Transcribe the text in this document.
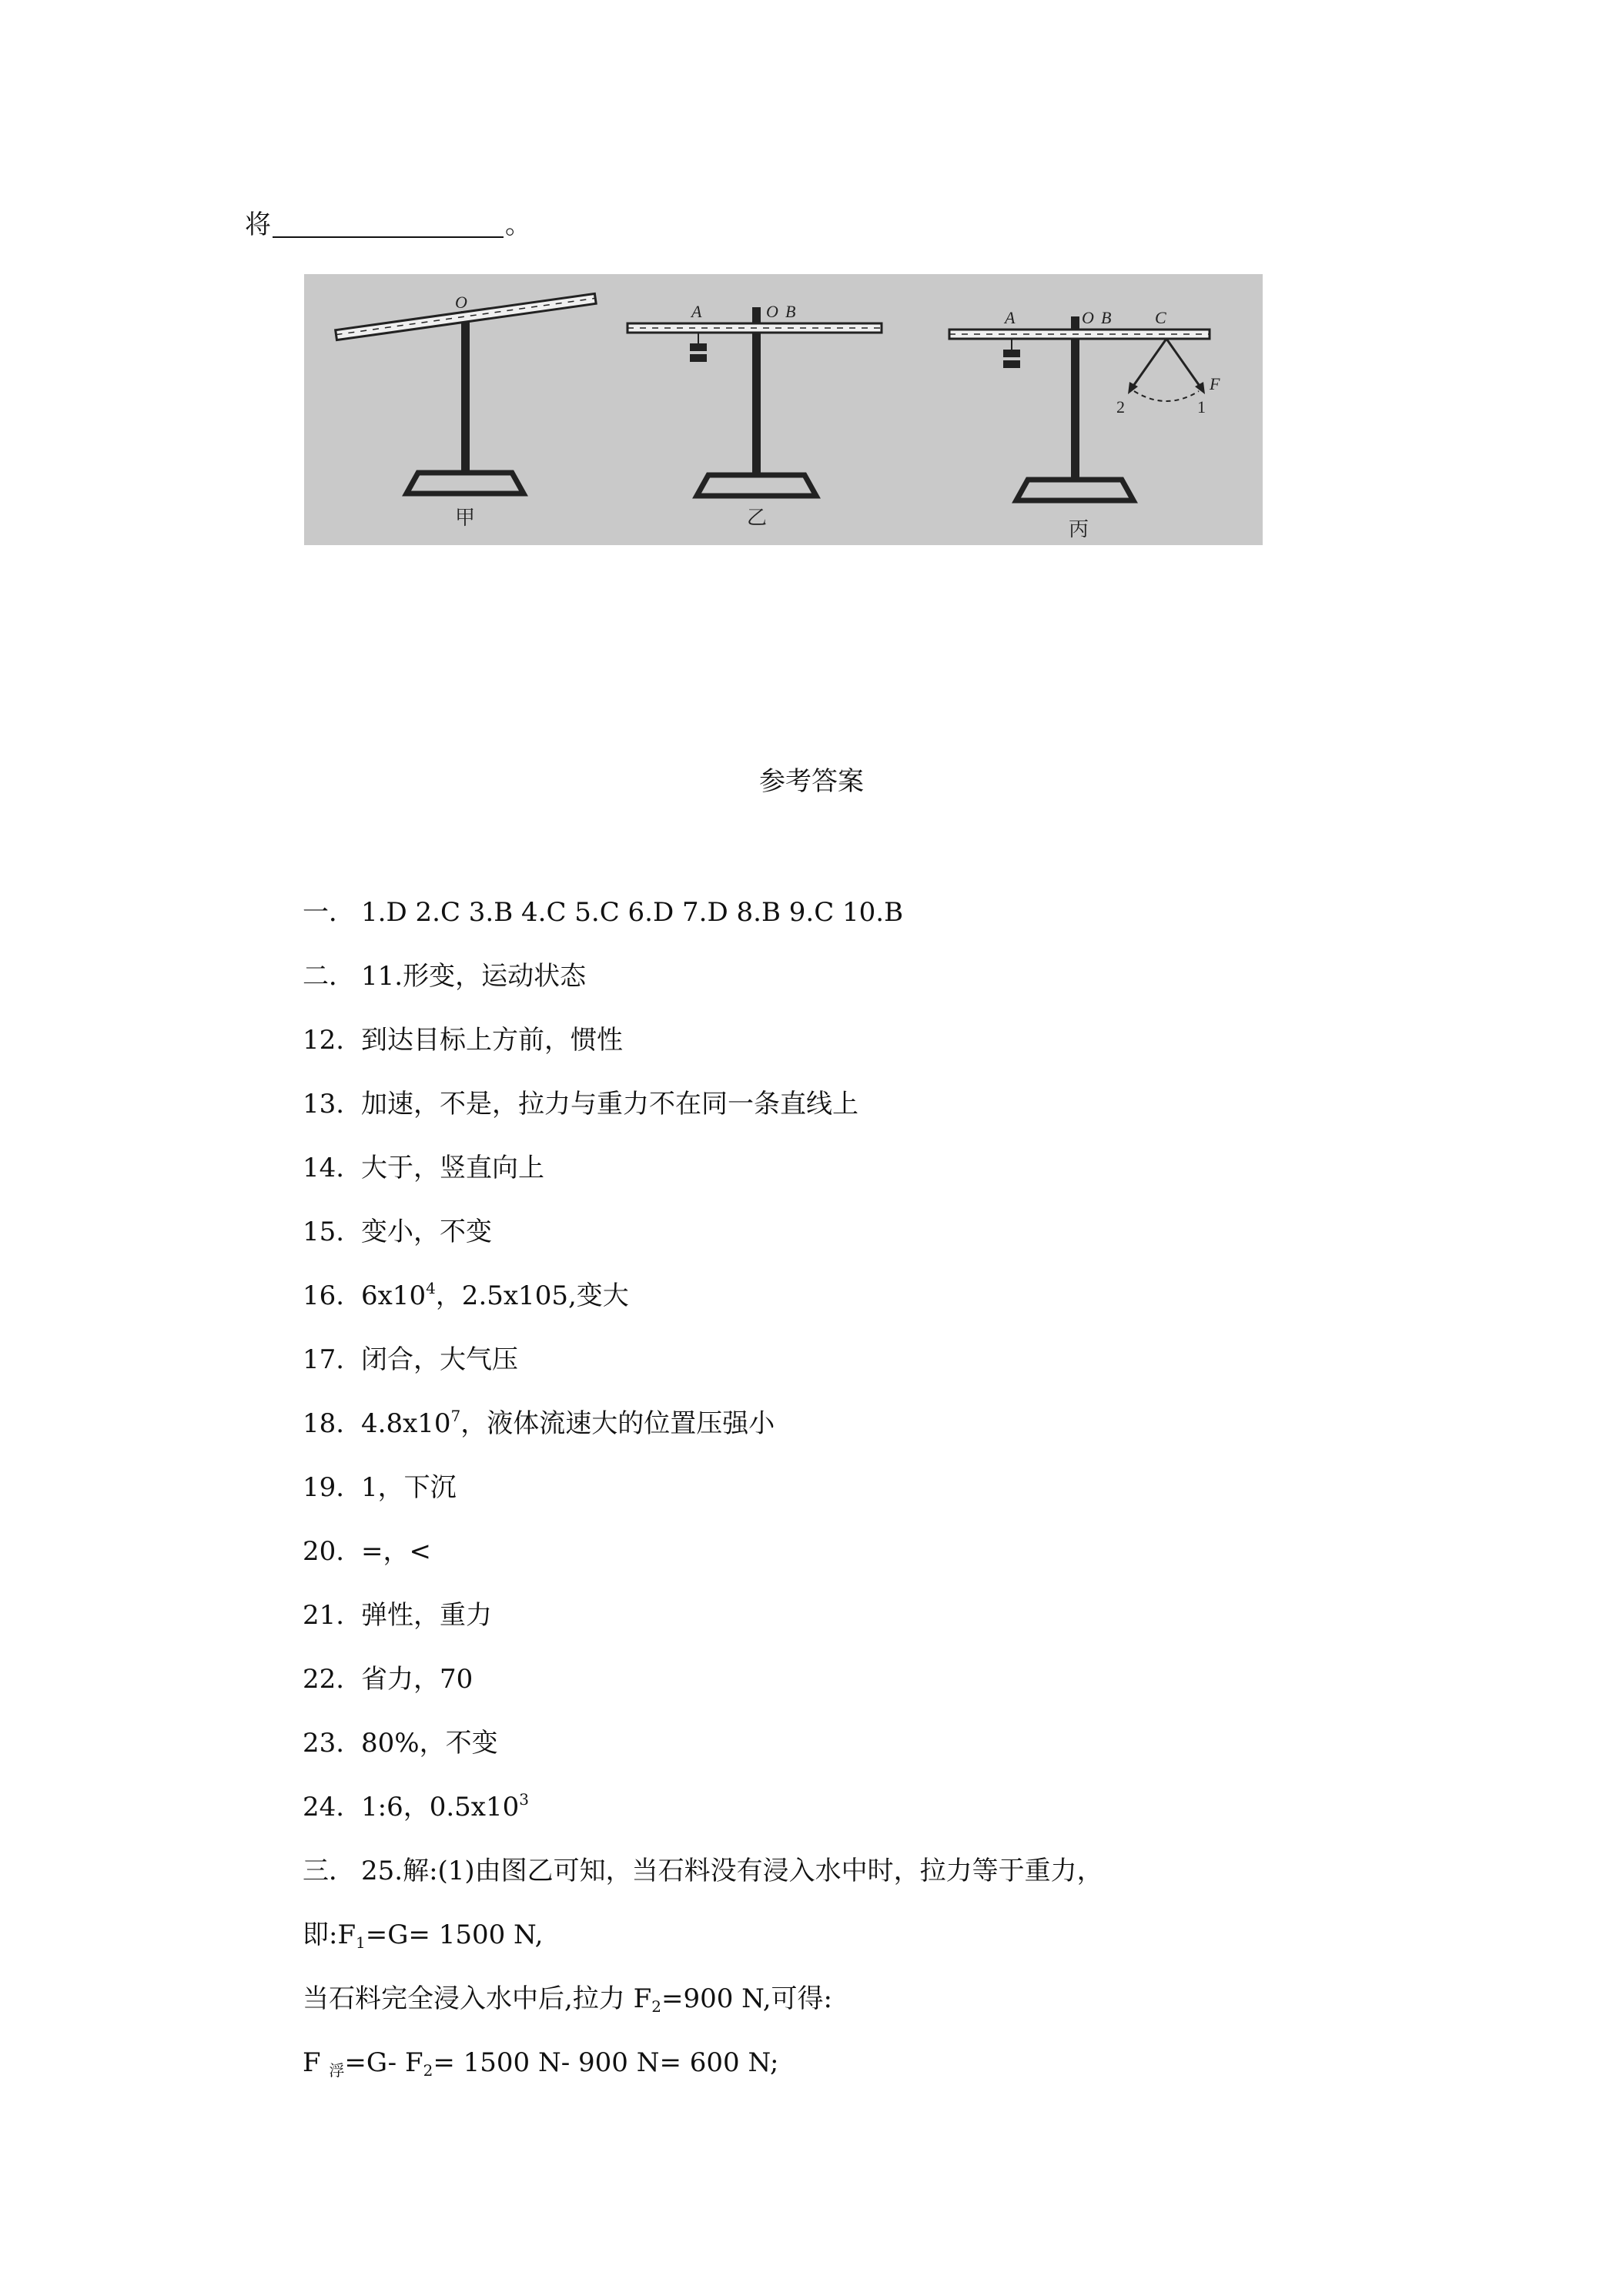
将	。
O
甲
A	O B
乙
A	O B	C
2	1
F
丙
参考答案
一． 1.D 2.C 3.B 4.C 5.C 6.D 7.D 8.B 9.C 10.B
二． 11.形变，运动状态
12. 到达目标上方前，惯性
13. 加速，不是，拉力与重力不在同一条直线上
14. 大于，竖直向上
15. 变小，不变
16. $6x10^4$，2.5x105,变大
17. 闭合，大气压
18. $4.8x10^7$，液体流速大的位置压强小
19. 1，下沉
20. =，<
21. 弹性，重力
22. 省力，70
23. 80%，不变
24. 1:6，$0.5x10^3$
三． 25.解:(1)由图乙可知，当石料没有浸入水中时，拉力等于重力，
即$:F_1=G= 1500$ N,
当石料完全浸入水中后,拉力 $F_2=900$ N,可得:
F $_浮$=G- $F_2= 1500$ N- 900 N= 600 N;
